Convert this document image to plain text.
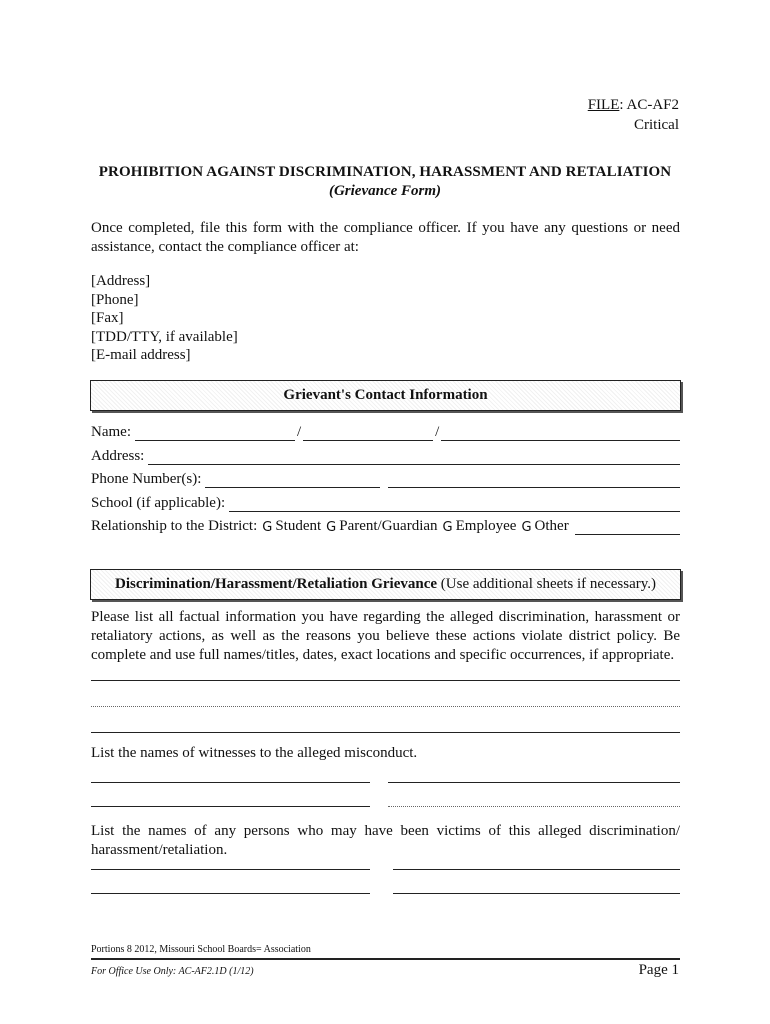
FILE: AC-AF2
Critical
PROHIBITION AGAINST DISCRIMINATION, HARASSMENT AND RETALIATION
(Grievance Form)
Once completed, file this form with the compliance officer. If you have any questions or need assistance, contact the compliance officer at:
[Address]
[Phone]
[Fax]
[TDD/TTY, if available]
[E-mail address]
Grievant's Contact Information
Name:	/	/
Address:
Phone Number(s):
School (if applicable):
Relationship to the District: G Student G Parent/Guardian G Employee G Other
Discrimination/Harassment/Retaliation Grievance (Use additional sheets if necessary.)
Please list all factual information you have regarding the alleged discrimination, harassment or retaliatory actions, as well as the reasons you believe these actions violate district policy. Be complete and use full names/titles, dates, exact locations and specific occurrences, if appropriate.
List the names of witnesses to the alleged misconduct.
List the names of any persons who may have been victims of this alleged discrimination/ harassment/retaliation.
Portions 8 2012, Missouri School Boards= Association
For Office Use Only: AC-AF2.1D (1/12)	Page 1
